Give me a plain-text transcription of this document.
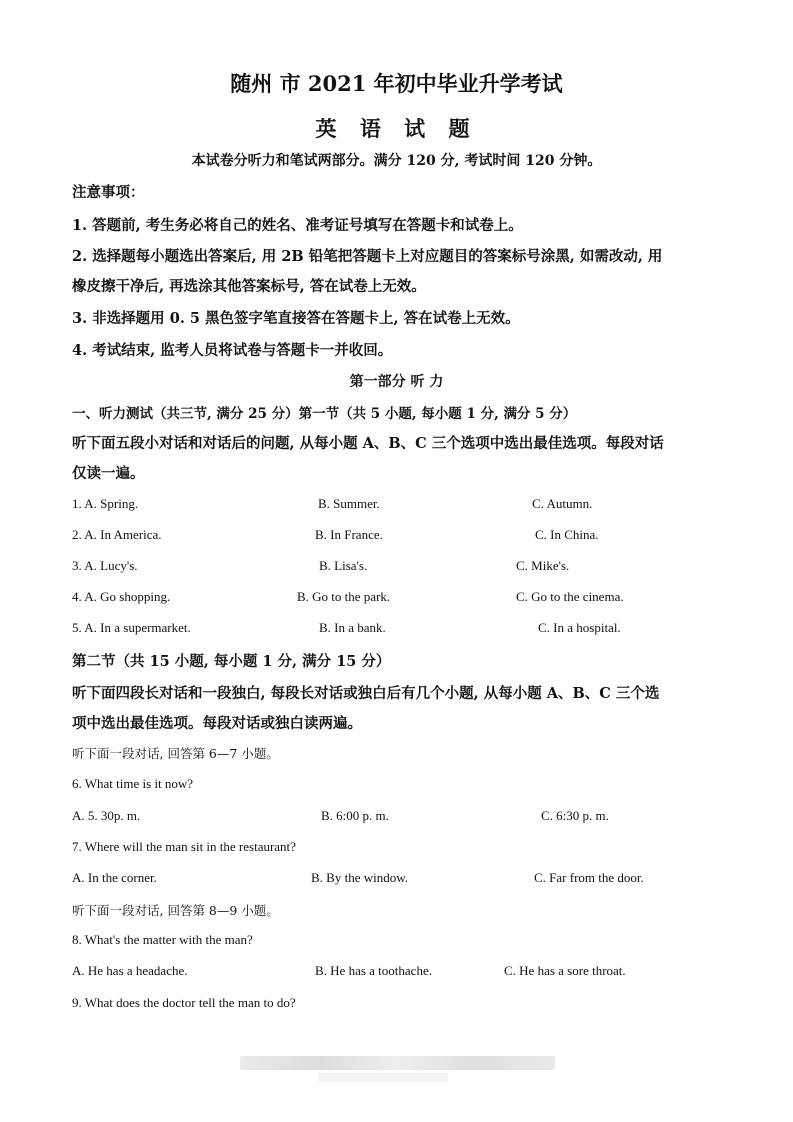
随州 市 2021 年初中毕业升学考试
英 语 试 题
本试卷分听力和笔试两部分。满分 120 分, 考试时间 120 分钟。
注意事项：
1. 答题前, 考生务必将自己的姓名、准考证号填写在答题卡和试卷上。
2. 选择题每小题选出答案后, 用 2B 铅笔把答题卡上对应题目的答案标号涂黑, 如需改动, 用
橡皮擦干净后, 再选涂其他答案标号, 答在试卷上无效。
3. 非选择题用 0. 5 黑色签字笔直接答在答题卡上, 答在试卷上无效。
4. 考试结束, 监考人员将试卷与答题卡一并收回。
第一部分 听 力
一、听力测试（共三节, 满分 25 分）第一节（共 5 小题, 每小题 1 分, 满分 5 分）
听下面五段小对话和对话后的问题, 从每小题 A、B、C 三个选项中选出最佳选项。每段对话
仅读一遍。
1. A. Spring.	B. Summer.	C. Autumn.
2. A. In America.	B. In France.	C. In China.
3. A. Lucy's.	B. Lisa's.	C. Mike's.
4. A. Go shopping.	B. Go to the park.	C. Go to the cinema.
5. A. In a supermarket.	B. In a bank.	C. In a hospital.
第二节（共 15 小题, 每小题 1 分, 满分 15 分）
听下面四段长对话和一段独白, 每段长对话或独白后有几个小题, 从每小题 A、B、C 三个选
项中选出最佳选项。每段对话或独白读两遍。
听下面一段对话, 回答第 6—7 小题。
6. What time is it now?
A. 5. 30p. m.	B. 6:00 p. m.	C. 6:30 p. m.
7. Where will the man sit in the restaurant?
A. In the corner.	B. By the window.	C. Far from the door.
听下面一段对话, 回答第 8—9 小题。
8. What's the matter with the man?
A. He has a headache.	B. He has a toothache.	C. He has a sore throat.
9. What does the doctor tell the man to do?
